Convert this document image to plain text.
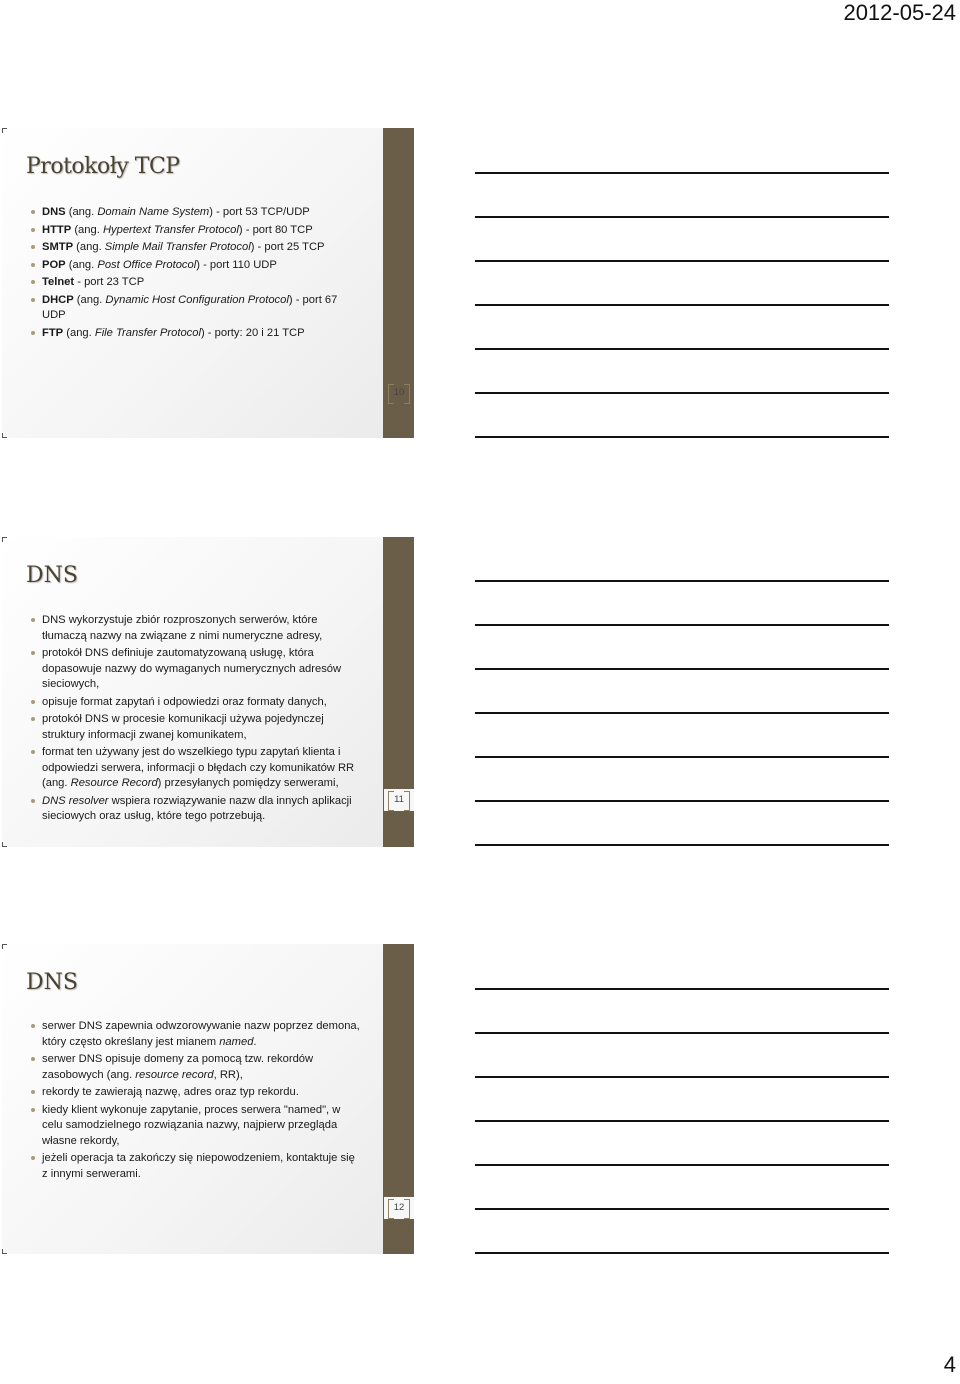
2012-05-24
Protokoły TCP
DNS (ang. Domain Name System) - port 53 TCP/UDP
HTTP (ang. Hypertext Transfer Protocol) - port 80 TCP
SMTP (ang. Simple Mail Transfer Protocol) - port 25 TCP
POP (ang. Post Office Protocol) - port 110 UDP
Telnet - port 23 TCP
DHCP (ang. Dynamic Host Configuration Protocol) - port 67 UDP
FTP (ang. File Transfer Protocol) - porty: 20 i 21 TCP
10
DNS
DNS wykorzystuje zbiór rozproszonych serwerów, które tłumaczą nazwy na związane z nimi numeryczne adresy,
protokół DNS definiuje zautomatyzowaną usługę, która dopasowuje nazwy do wymaganych numerycznych adresów sieciowych,
opisuje format zapytań i odpowiedzi oraz formaty danych,
protokół DNS w procesie komunikacji używa pojedynczej struktury informacji zwanej komunikatem,
format ten używany jest do wszelkiego typu zapytań klienta i odpowiedzi serwera, informacji o błędach czy komunikatów RR (ang. Resource Record) przesyłanych pomiędzy serwerami,
DNS resolver wspiera rozwiązywanie nazw dla innych aplikacji sieciowych oraz usług, które tego potrzebują.
11
DNS
serwer DNS zapewnia odwzorowywanie nazw poprzez demona, który często określany jest mianem named.
serwer DNS opisuje domeny za pomocą tzw. rekordów zasobowych (ang. resource record, RR),
rekordy te zawierają nazwę, adres oraz typ rekordu.
kiedy klient wykonuje zapytanie, proces serwera "named", w celu samodzielnego rozwiązania nazwy, najpierw przegląda własne rekordy,
jeżeli operacja ta zakończy się niepowodzeniem, kontaktuje się z innymi serwerami.
12
4
